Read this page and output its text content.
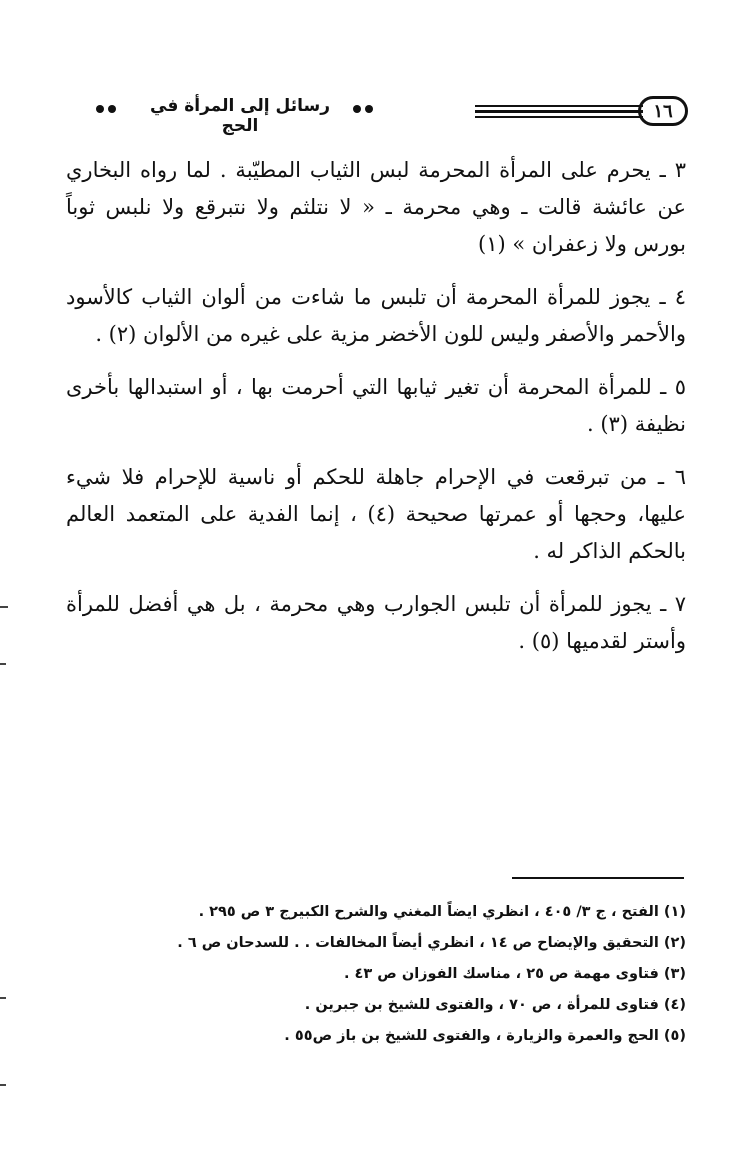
١٦
رسائل إلى المرأة في الحج

٣ ـ يحرم على المرأة المحرمة لبس الثياب المطيّبة . لما رواه البخاري عن عائشة قالت ـ وهي محرمة ـ « لا نتلثم ولا نتبرقع ولا نلبس ثوباً بورس ولا زعفران » (١)

٤ ـ يجوز للمرأة المحرمة أن تلبس ما شاءت من ألوان الثياب كالأسود والأحمر والأصفر وليس للون الأخضر مزية على غيره من الألوان (٢) .

٥ ـ للمرأة المحرمة أن تغير ثيابها التي أحرمت بها ، أو استبدالها بأخرى نظيفة (٣) .

٦ ـ من تبرقعت في الإحرام جاهلة للحكم أو ناسية للإحرام فلا شيء عليها، وحجها أو عمرتها صحيحة (٤) ، إنما الفدية على المتعمد العالم بالحكم الذاكر له .

٧ ـ يجوز للمرأة أن تلبس الجوارب وهي محرمة ، بل هي أفضل للمرأة وأستر لقدميها (٥) .

(١) الفتح ، ج ٣/ ٤٠٥ ، انظري ايضاً المغني والشرح الكبيرج ٣ ص ٢٩٥ .
(٢) التحقيق والإيضاح ص ١٤ ، انظري أيضاً المخالفات . . للسدحان ص ٦ .
(٣) فتاوى مهمة ص ٢٥ ، مناسك الفوزان ص ٤٣ .
(٤) فتاوى للمرأة ، ص ٧٠ ، والفتوى للشيخ بن جبرين .
(٥) الحج والعمرة والزيارة ، والفتوى للشيخ بن باز ص٥٥ .
